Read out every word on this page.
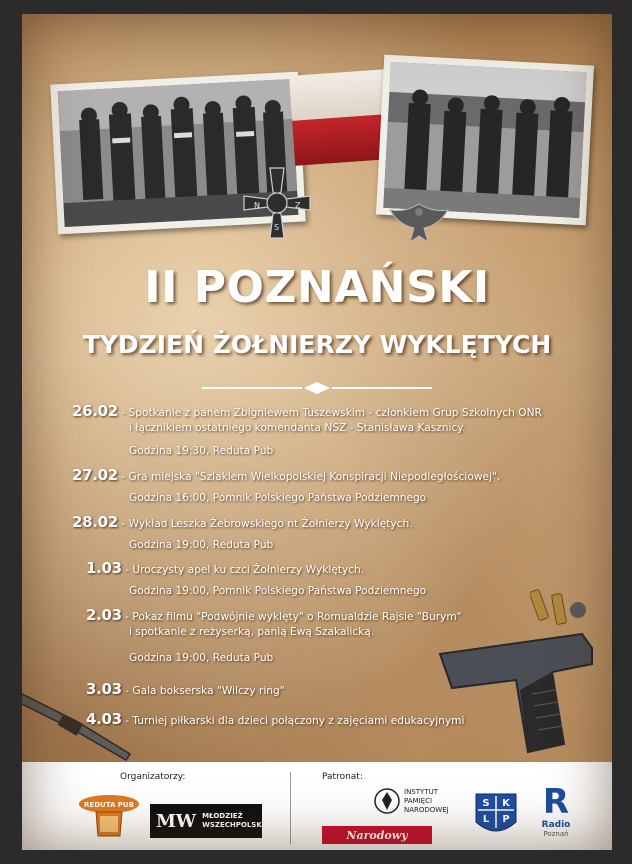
N
S
Z
II POZNAŃSKI
TYDZIEŃ ŻOŁNIERZY WYKLĘTYCH
26.02 - Spotkanie z panem Zbigniewem Tuszewskim - członkiem Grup Szkolnych ONR
i łącznikiem ostatniego komendanta NSZ - Stanisława Kasznicy.
Godzina 19:30, Reduta Pub
27.02 - Gra miejska "Szlakiem Wielkopolskiej Konspiracji Niepodległościowej".
Godzina 16:00, Pomnik Polskiego Państwa Podziemnego
28.02 - Wykład Leszka Żebrowskiego nt Żołnierzy Wyklętych.
Godzina 19:00, Reduta Pub
1.03 - Uroczysty apel ku czci Żołnierzy Wyklętych.
Godzina 19:00, Pomnik Polskiego Państwa Podziemnego
2.03 - Pokaz filmu "Podwójnie wyklęty" o Romualdzie Rajsie "Burym"
i spotkanie z reżyserką, panią Ewą Szakalicką.
Godzina 19:00, Reduta Pub
3.03 - Gala bokserska "Wilczy ring"
4.03 - Turniej piłkarski dla dzieci połączony z zajęciami edukacyjnymi
Organizatorzy:	Patronat:
REDUTA PUB
MW MŁODZIEŻ
WSZECHPOLSKA
INSTYTUT
PAMIĘCI
NARODOWEJ
Narodowy
S K
L P R
Radio
Poznań
